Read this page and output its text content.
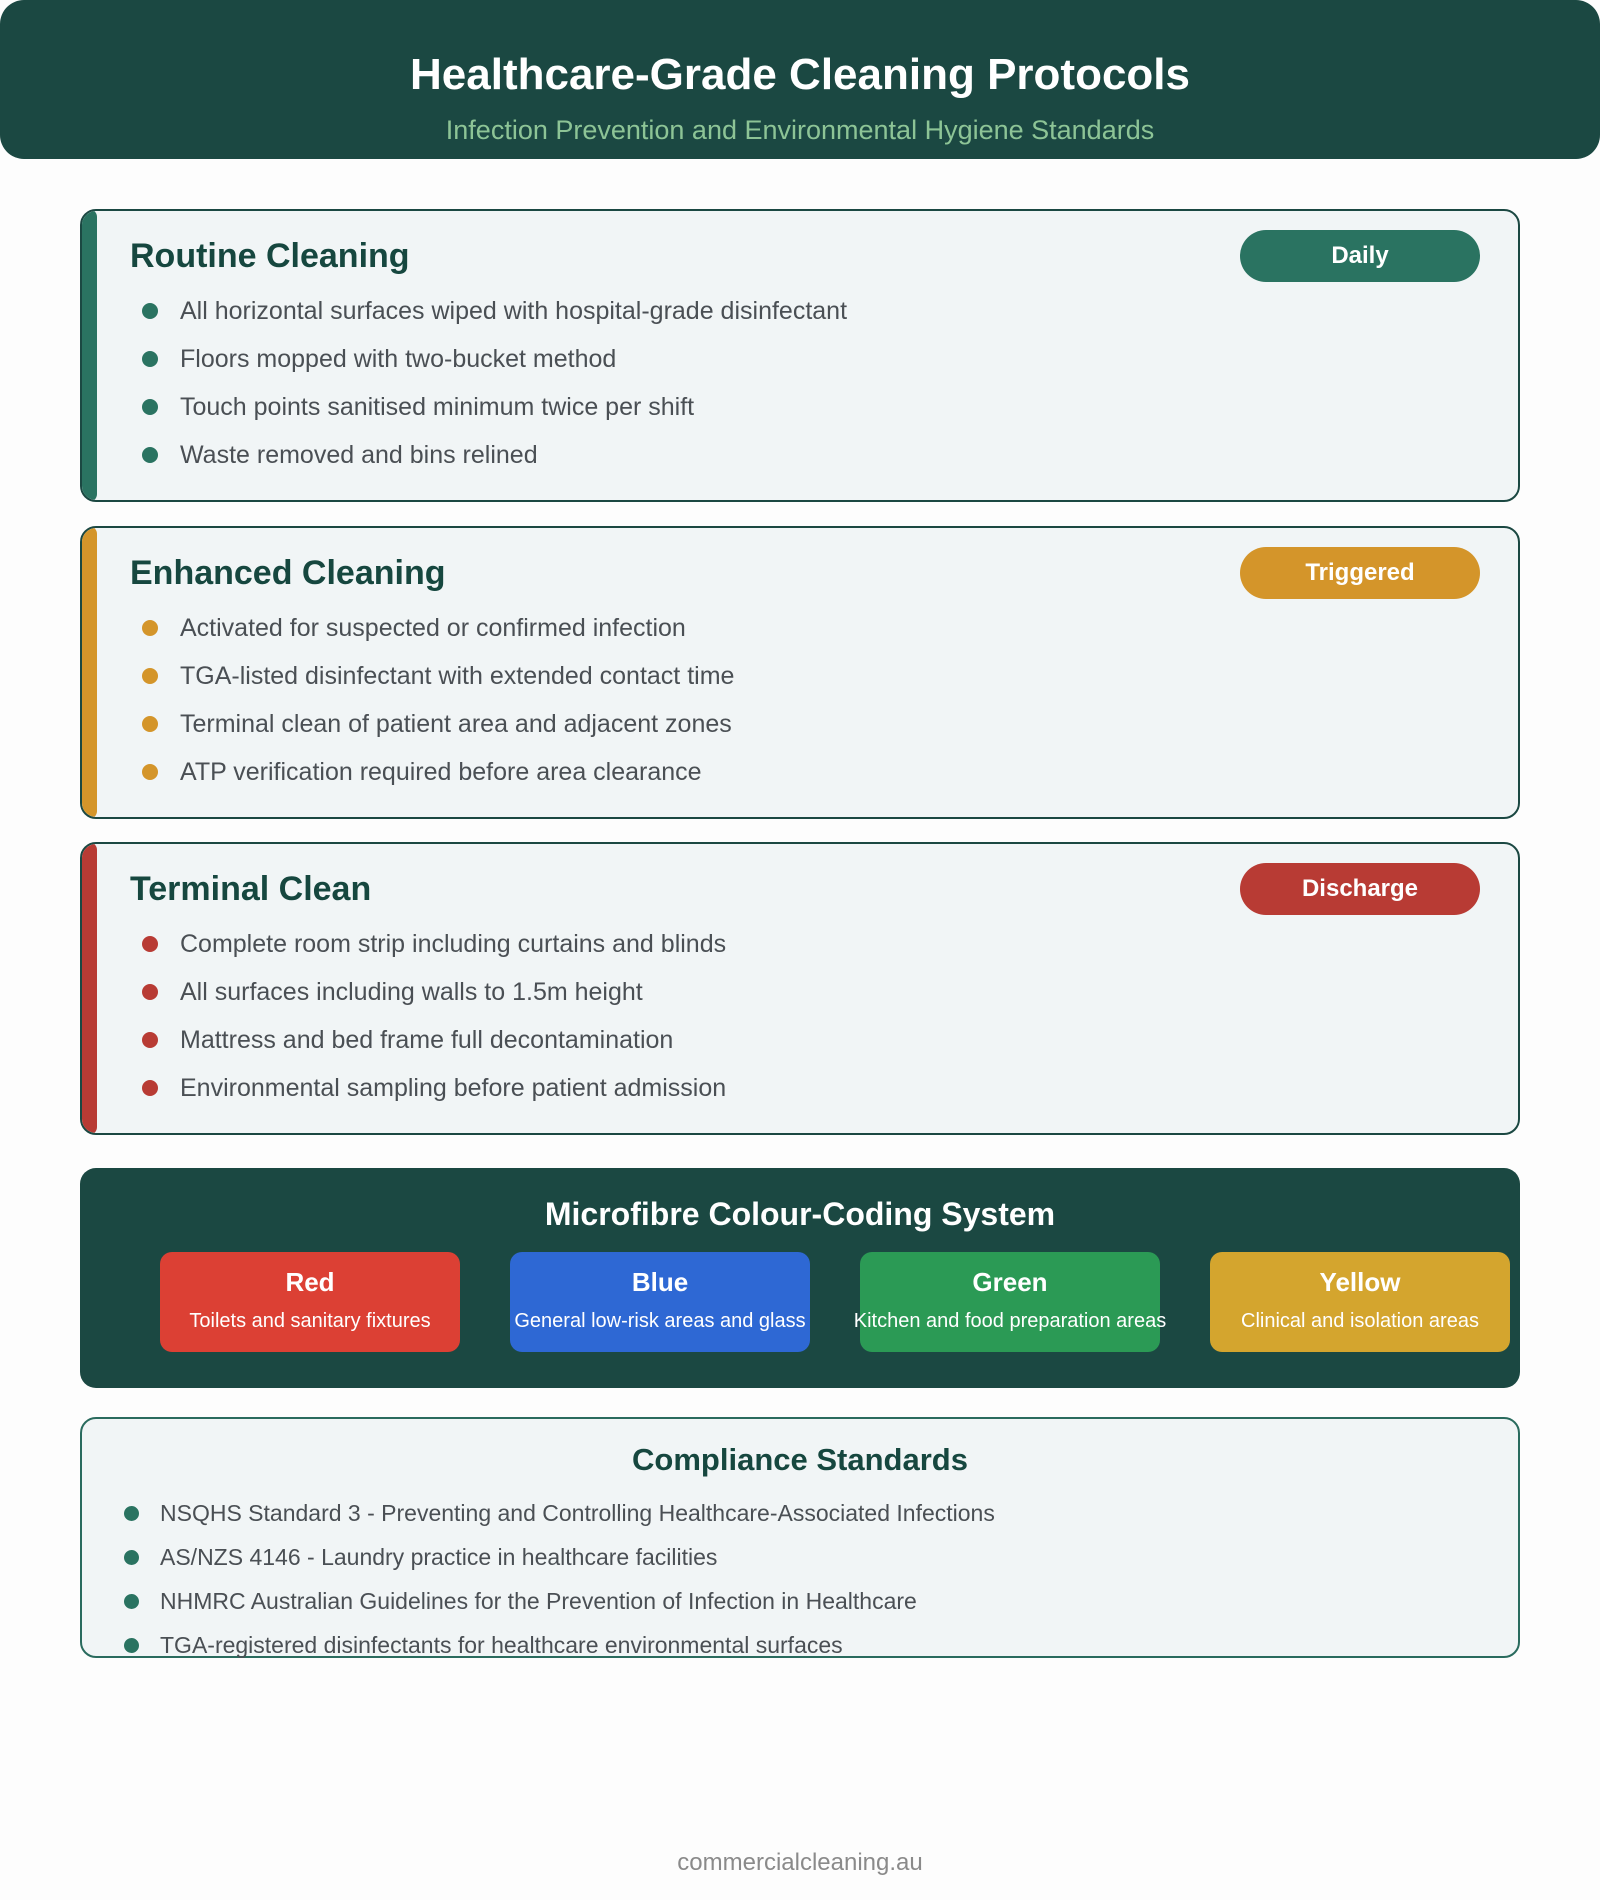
Healthcare-Grade Cleaning Protocols
Infection Prevention and Environmental Hygiene Standards
Routine Cleaning	Daily
All horizontal surfaces wiped with hospital-grade disinfectant
Floors mopped with two-bucket method
Touch points sanitised minimum twice per shift
Waste removed and bins relined
Enhanced Cleaning	Triggered
Activated for suspected or confirmed infection
TGA-listed disinfectant with extended contact time
Terminal clean of patient area and adjacent zones
ATP verification required before area clearance
Terminal Clean	Discharge
Complete room strip including curtains and blinds
All surfaces including walls to 1.5m height
Mattress and bed frame full decontamination
Environmental sampling before patient admission
Microfibre Colour-Coding System
Red
Toilets and sanitary fixtures
Blue
General low-risk areas and glass
Green
Kitchen and food preparation areas
Yellow
Clinical and isolation areas
Compliance Standards
NSQHS Standard 3 - Preventing and Controlling Healthcare-Associated Infections
AS/NZS 4146 - Laundry practice in healthcare facilities
NHMRC Australian Guidelines for the Prevention of Infection in Healthcare
TGA-registered disinfectants for healthcare environmental surfaces
commercialcleaning.au
